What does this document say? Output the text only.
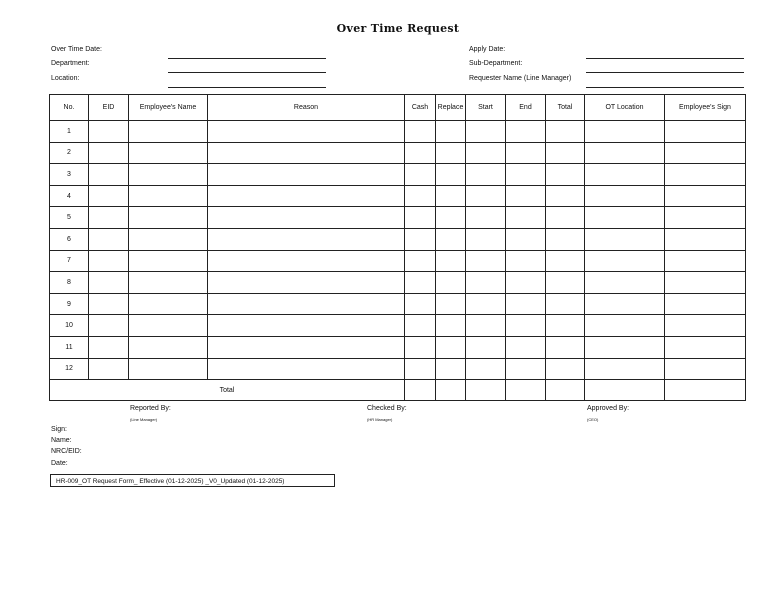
Over Time Request
Over Time Date:
Department:
Location:
Apply Date:
Sub-Department:
Requester Name (Line Manager)
No.	EID	Employee's Name	Reason	Cash	Replace	Start	End	Total	OT Location	Employee's Sign
1										
2										
3										
4										
5										
6										
7										
8										
9										
10										
11										
12										
Total										
Reported By:
(Line Manager)
Checked By:
(HR Manager)
Approved By:
(CEO)
Sign:
Name:
NRC/EID:
Date:
HR-009_OT Request Form_ Effective (01-12-2025) _V0_Updated (01-12-2025)
